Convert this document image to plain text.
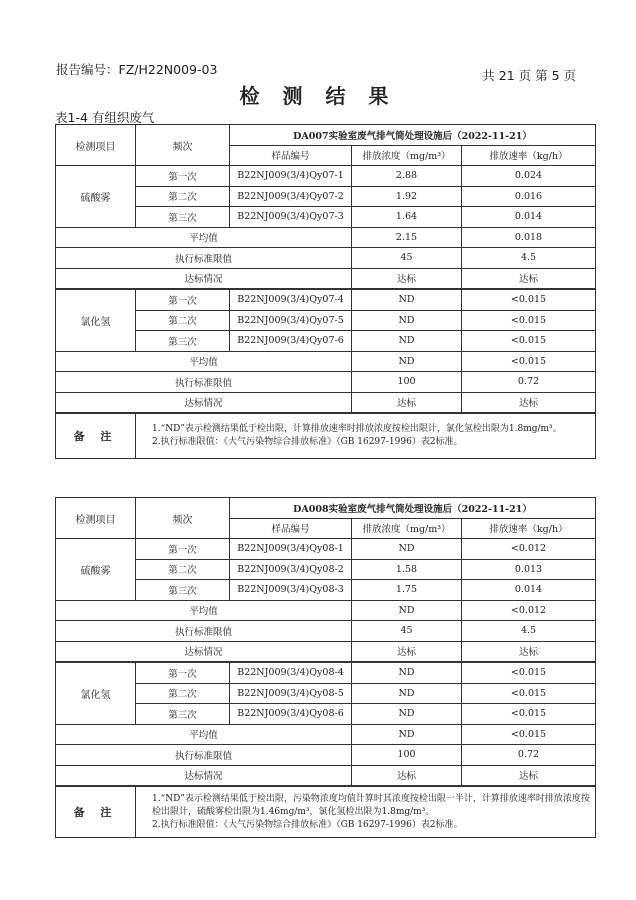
报告编号：FZ/H22N009-03	共 21 页 第 5 页
检 测 结 果
表1-4 有组织废气
检测项目	频次	DA007实验室废气排气筒处理设施后（2022-11-21）		
		样品编号	排放浓度（mg/m³）	排放速率（kg/h）
硫酸雾	第一次	B22NJ009(3/4)Qy07-1	2.88	0.024
	第二次	B22NJ009(3/4)Qy07-2	1.92	0.016
	第三次	B22NJ009(3/4)Qy07-3	1.64	0.014
平均值			2.15	0.018
执行标准限值			45	4.5
达标情况			达标	达标
氯化氢	第一次	B22NJ009(3/4)Qy07-4	ND	<0.015
	第二次	B22NJ009(3/4)Qy07-5	ND	<0.015
	第三次	B22NJ009(3/4)Qy07-6	ND	<0.015
平均值			ND	<0.015
执行标准限值			100	0.72
达标情况			达标	达标
备 注	1.“ND”表示检测结果低于检出限，计算排放速率时排放浓度按检出限计，氯化氢检出限为1.8mg/m³。
2.执行标准限值：《大气污染物综合排放标准》（GB 16297-1996）表2标准。			
检测项目	频次	DA008实验室废气排气筒处理设施后（2022-11-21）		
		样品编号	排放浓度（mg/m³）	排放速率（kg/h）
硫酸雾	第一次	B22NJ009(3/4)Qy08-1	ND	<0.012
	第二次	B22NJ009(3/4)Qy08-2	1.58	0.013
	第三次	B22NJ009(3/4)Qy08-3	1.75	0.014
平均值			ND	<0.012
执行标准限值			45	4.5
达标情况			达标	达标
氯化氢	第一次	B22NJ009(3/4)Qy08-4	ND	<0.015
	第二次	B22NJ009(3/4)Qy08-5	ND	<0.015
	第三次	B22NJ009(3/4)Qy08-6	ND	<0.015
平均值			ND	<0.015
执行标准限值			100	0.72
达标情况			达标	达标
备 注	1.“ND”表示检测结果低于检出限，污染物浓度均值计算时其浓度按检出限一半计，计算排放速率时排放浓度按检出限计，硫酸雾检出限为1.46mg/m³，氯化氢检出限为1.8mg/m³。
2.执行标准限值：《大气污染物综合排放标准》（GB 16297-1996）表2标准。			
